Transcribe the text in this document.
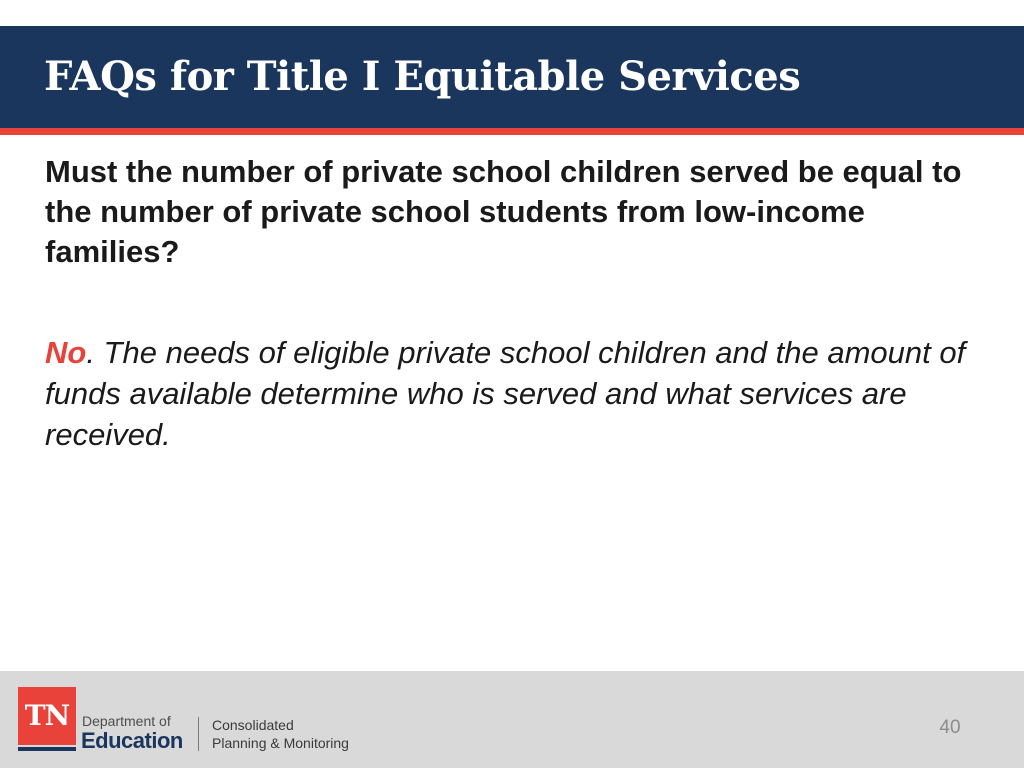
FAQs for Title I Equitable Services

Must the number of private school children served be equal to the number of private school students from low-income families?

No. The needs of eligible private school children and the amount of funds available determine who is served and what services are received.

TN Department of
Education
Consolidated
Planning & Monitoring
40
